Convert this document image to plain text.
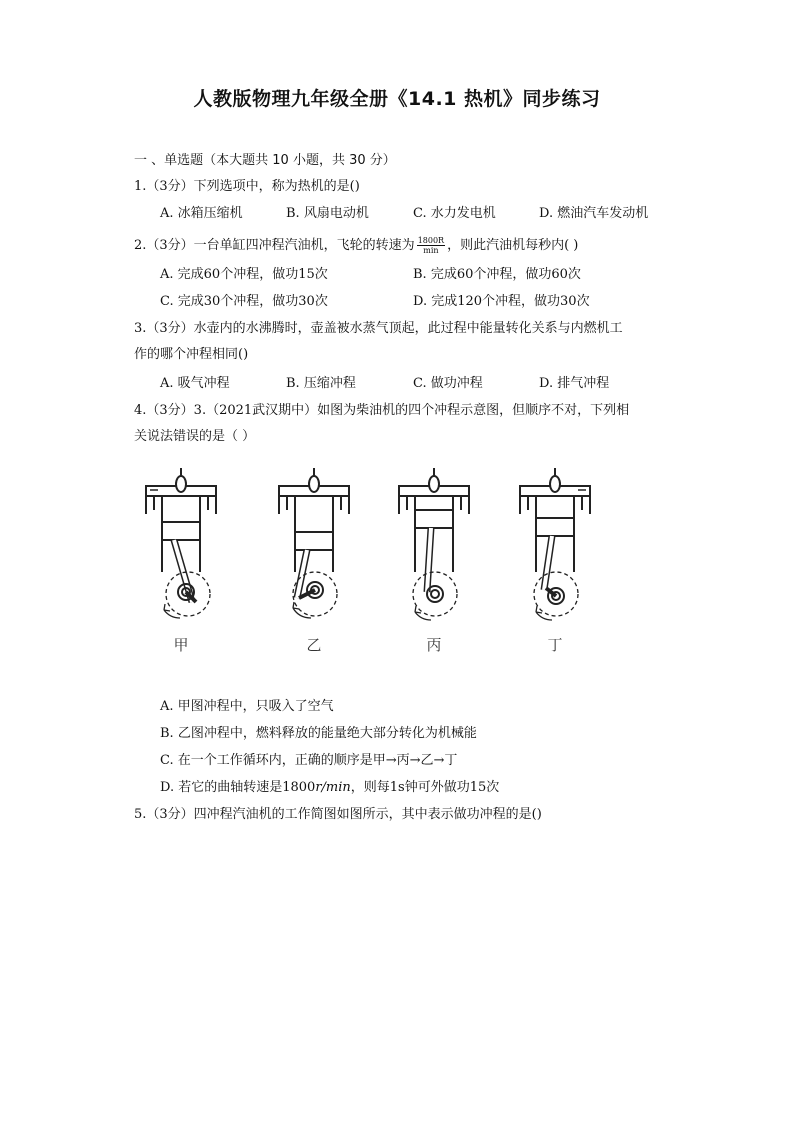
人教版物理九年级全册《14.1 热机》同步练习
一 、单选题（本大题共 10 小题，共 30 分）
1.（3分）下列选项中，称为热机的是()
A. 冰箱压缩机	B. 风扇电动机	C. 水力发电机	D. 燃油汽车发动机
2.（3分）一台单缸四冲程汽油机，飞轮的转速为 $\frac{1800R}{\min}$ ，则此汽油机每秒内( )
A. 完成60个冲程，做功15次	B. 完成60个冲程，做功60次
C. 完成30个冲程，做功30次	D. 完成120个冲程，做功30次
3.（3分）水壶内的水沸腾时，壶盖被水蒸气顶起，此过程中能量转化关系与内燃机工
作的哪个冲程相同()
A. 吸气冲程	B. 压缩冲程	C. 做功冲程	D. 排气冲程
4.（3分）3.（2021武汉期中）如图为柴油机的四个冲程示意图，但顺序不对，下列相
关说法错误的是（ ）
甲	乙	丙	丁
A. 甲图冲程中，只吸入了空气
B. 乙图冲程中，燃料释放的能量绝大部分转化为机械能
C. 在一个工作循环内，正确的顺序是甲→丙→乙→丁
D. 若它的曲轴转速是1800r/min，则每1s钟可外做功15次
5.（3分）四冲程汽油机的工作简图如图所示，其中表示做功冲程的是()
